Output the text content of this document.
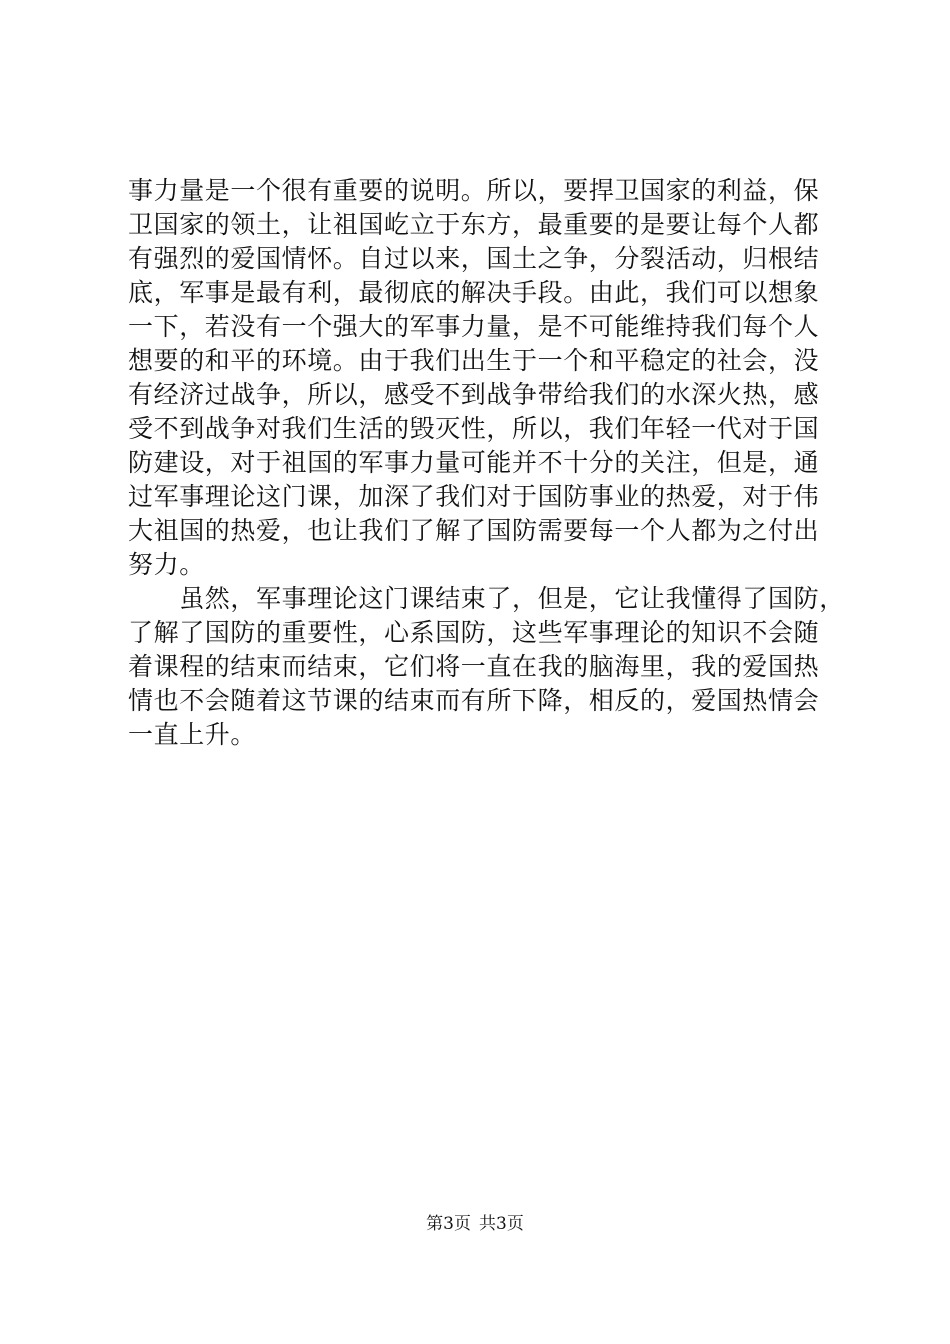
事力量是一个很有重要的说明。所以，要捍卫国家的利益，保
卫国家的领土，让祖国屹立于东方，最重要的是要让每个人都
有强烈的爱国情怀。自过以来，国土之争，分裂活动，归根结
底，军事是最有利，最彻底的解决手段。由此，我们可以想象
一下，若没有一个强大的军事力量，是不可能维持我们每个人
想要的和平的环境。由于我们出生于一个和平稳定的社会，没
有经济过战争，所以，感受不到战争带给我们的水深火热，感
受不到战争对我们生活的毁灭性，所以，我们年轻一代对于国
防建设，对于祖国的军事力量可能并不十分的关注，但是，通
过军事理论这门课，加深了我们对于国防事业的热爱，对于伟
大祖国的热爱，也让我们了解了国防需要每一个人都为之付出
努力。
　　虽然，军事理论这门课结束了，但是，它让我懂得了国防，
了解了国防的重要性，心系国防，这些军事理论的知识不会随
着课程的结束而结束，它们将一直在我的脑海里，我的爱国热
情也不会随着这节课的结束而有所下降，相反的，爱国热情会
一直上升。
第3页 共3页
